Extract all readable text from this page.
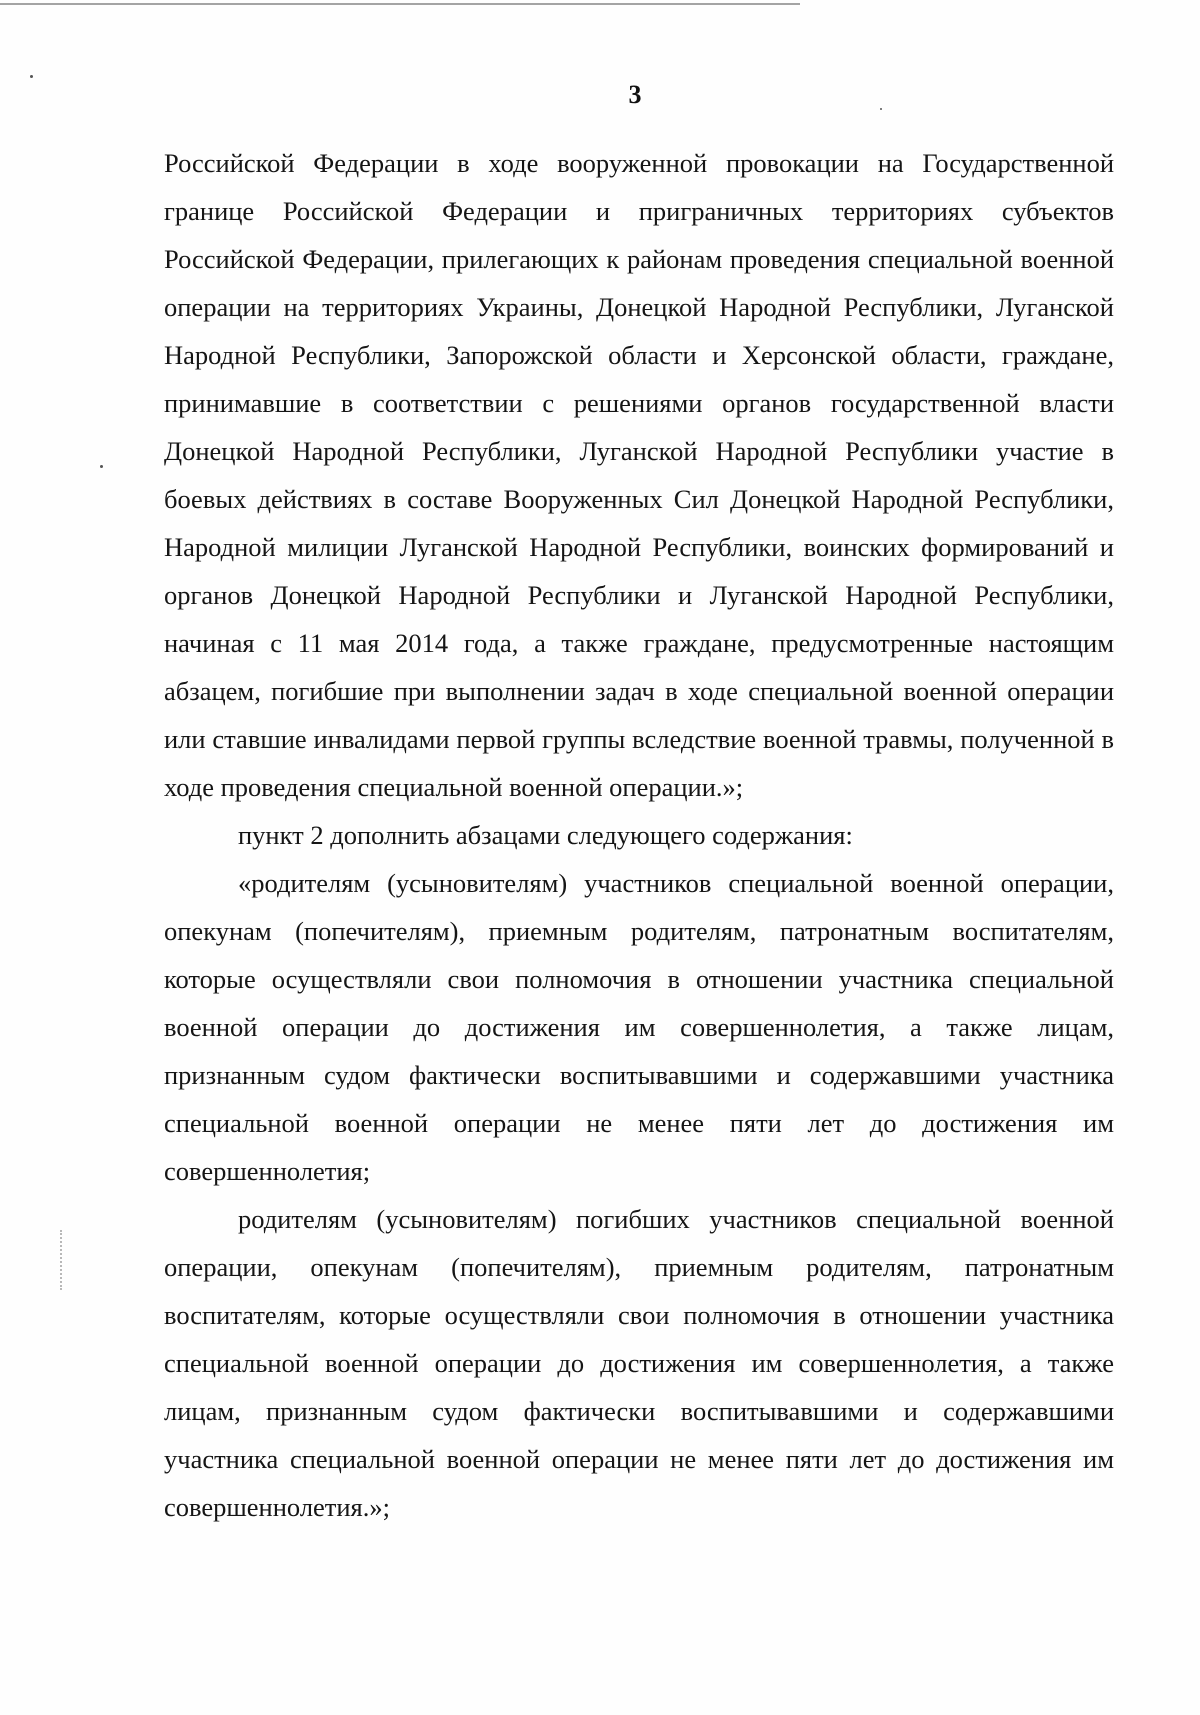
3

Российской Федерации в ходе вооруженной провокации на Государственной границе Российской Федерации и приграничных территориях субъектов Российской Федерации, прилегающих к районам проведения специальной военной операции на территориях Украины, Донецкой Народной Республики, Луганской Народной Республики, Запорожской области и Херсонской области, граждане, принимавшие в соответствии с решениями органов государственной власти Донецкой Народной Республики, Луганской Народной Республики участие в боевых действиях в составе Вооруженных Сил Донецкой Народной Республики, Народной милиции Луганской Народной Республики, воинских формирований и органов Донецкой Народной Республики и Луганской Народной Республики, начиная с 11 мая 2014 года, а также граждане, предусмотренные настоящим абзацем, погибшие при выполнении задач в ходе специальной военной операции или ставшие инвалидами первой группы вследствие военной травмы, полученной в ходе проведения специальной военной операции.»;

пункт 2 дополнить абзацами следующего содержания:

«родителям (усыновителям) участников специальной военной операции, опекунам (попечителям), приемным родителям, патронатным воспитателям, которые осуществляли свои полномочия в отношении участника специальной военной операции до достижения им совершеннолетия, а также лицам, признанным судом фактически воспитывавшими и содержавшими участника специальной военной операции не менее пяти лет до достижения им совершеннолетия;

родителям (усыновителям) погибших участников специальной военной операции, опекунам (попечителям), приемным родителям, патронатным воспитателям, которые осуществляли свои полномочия в отношении участника специальной военной операции до достижения им совершеннолетия, а также лицам, признанным судом фактически воспитывавшими и содержавшими участника специальной военной операции не менее пяти лет до достижения им совершеннолетия.»;
